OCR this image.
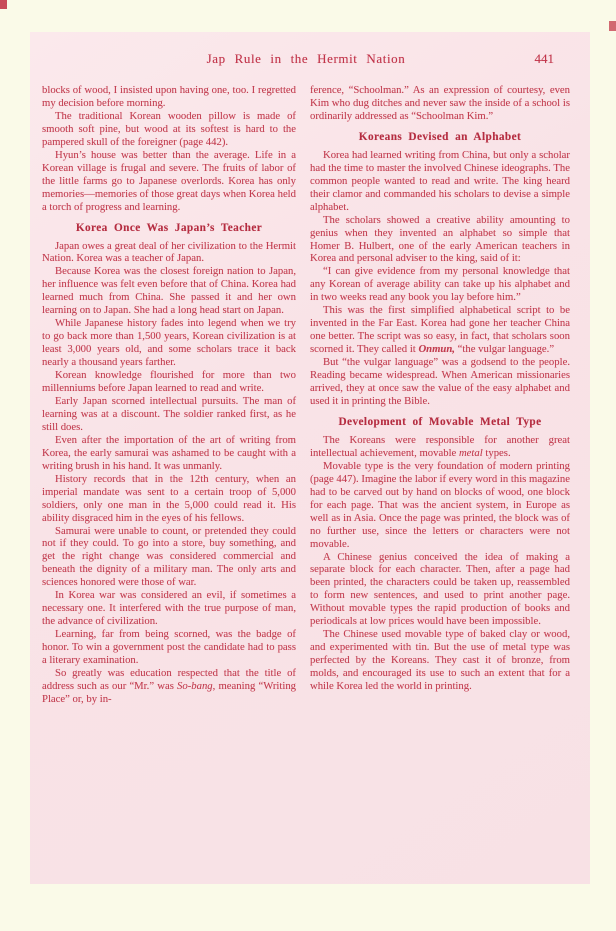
Jap Rule in the Hermit Nation	441

blocks of wood, I insisted upon having one, too. I regretted my decision before morning.

The traditional Korean wooden pillow is made of smooth soft pine, but wood at its softest is hard to the pampered skull of the foreigner (page 442).

Hyun’s house was better than the average. Life in a Korean village is frugal and severe. The fruits of labor of the little farms go to Japanese overlords. Korea has only memories—memories of those great days when Korea held a torch of progress and learning.

Korea Once Was Japan’s Teacher

Japan owes a great deal of her civilization to the Hermit Nation. Korea was a teacher of Japan.

Because Korea was the closest foreign nation to Japan, her influence was felt even before that of China. Korea had learned much from China. She passed it and her own learning on to Japan. She had a long head start on Japan.

While Japanese history fades into legend when we try to go back more than 1,500 years, Korean civilization is at least 3,000 years old, and some scholars trace it back nearly a thousand years farther.

Korean knowledge flourished for more than two millenniums before Japan learned to read and write.

Early Japan scorned intellectual pursuits. The man of learning was at a discount. The soldier ranked first, as he still does.

Even after the importation of the art of writing from Korea, the early samurai was ashamed to be caught with a writing brush in his hand. It was unmanly.

History records that in the 12th century, when an imperial mandate was sent to a certain troop of 5,000 soldiers, only one man in the 5,000 could read it. His ability disgraced him in the eyes of his fellows.

Samurai were unable to count, or pretended they could not if they could. To go into a store, buy something, and get the right change was considered commercial and beneath the dignity of a military man. The only arts and sciences honored were those of war.

In Korea war was considered an evil, if sometimes a necessary one. It interfered with the true purpose of man, the advance of civilization.

Learning, far from being scorned, was the badge of honor. To win a government post the candidate had to pass a literary examination.

So greatly was education respected that the title of address such as our “Mr.” was So-bang, meaning “Writing Place” or, by in-

ference, “Schoolman.” As an expression of courtesy, even Kim who dug ditches and never saw the inside of a school is ordinarily addressed as “Schoolman Kim.”

Koreans Devised an Alphabet

Korea had learned writing from China, but only a scholar had the time to master the involved Chinese ideographs. The common people wanted to read and write. The king heard their clamor and commanded his scholars to devise a simple alphabet.

The scholars showed a creative ability amounting to genius when they invented an alphabet so simple that Homer B. Hulbert, one of the early American teachers in Korea and personal adviser to the king, said of it:

“I can give evidence from my personal knowledge that any Korean of average ability can take up his alphabet and in two weeks read any book you lay before him.”

This was the first simplified alphabetical script to be invented in the Far East. Korea had gone her teacher China one better. The script was so easy, in fact, that scholars soon scorned it. They called it Onmun, “the vulgar language.”

But “the vulgar language” was a godsend to the people. Reading became widespread. When American missionaries arrived, they at once saw the value of the easy alphabet and used it in printing the Bible.

Development of Movable Metal Type

The Koreans were responsible for another great intellectual achievement, movable metal types.

Movable type is the very foundation of modern printing (page 447). Imagine the labor if every word in this magazine had to be carved out by hand on blocks of wood, one block for each page. That was the ancient system, in Europe as well as in Asia. Once the page was printed, the block was of no further use, since the letters or characters were not movable.

A Chinese genius conceived the idea of making a separate block for each character. Then, after a page had been printed, the characters could be taken up, reassembled to form new sentences, and used to print another page. Without movable types the rapid production of books and periodicals at low prices would have been impossible.

The Chinese used movable type of baked clay or wood, and experimented with tin. But the use of metal type was perfected by the Koreans. They cast it of bronze, from molds, and encouraged its use to such an extent that for a while Korea led the world in printing.
